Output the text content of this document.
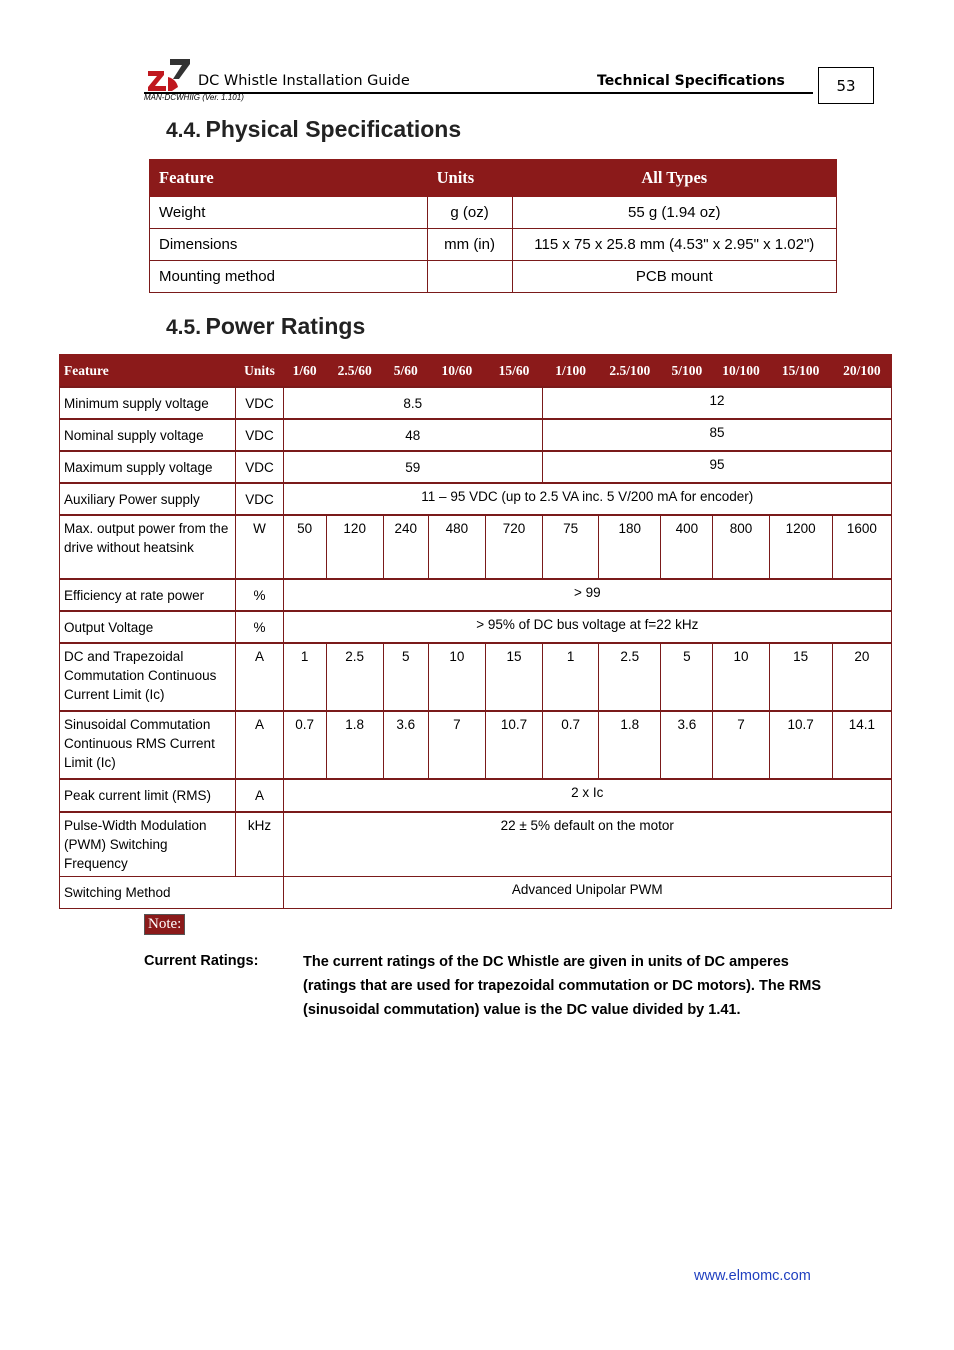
DC Whistle Installation Guide	Technical Specifications
MAN-DCWHIIG (Ver. 1.101)
53
4.4. Physical Specifications
Feature	Units	All Types
Weight	g (oz)	55 g (1.94 oz)
Dimensions	mm (in)	115 x 75 x 25.8 mm (4.53" x 2.95" x 1.02")
Mounting method		PCB mount
4.5. Power Ratings
Feature	Units	1/60	2.5/60	5/60	10/60	15/60	1/100	2.5/100	5/100	10/100	15/100	20/100
Minimum supply voltage	VDC	8.5					12					
Nominal supply voltage	VDC	48					85					
Maximum supply voltage	VDC	59					95					
Auxiliary Power supply	VDC	11 – 95 VDC (up to 2.5 VA inc. 5 V/200 mA for encoder)										
Max. output power from the drive without heatsink	W	50	120	240	480	720	75	180	400	800	1200	1600
Efficiency at rate power	%	> 99										
Output Voltage	%	> 95% of DC bus voltage at f=22 kHz										
DC and Trapezoidal Commutation Continuous Current Limit (Ic)	A	1	2.5	5	10	15	1	2.5	5	10	15	20
Sinusoidal Commutation Continuous RMS Current Limit (Ic)	A	0.7	1.8	3.6	7	10.7	0.7	1.8	3.6	7	10.7	14.1
Peak current limit (RMS)	A	2 x Ic										
Pulse-Width Modulation (PWM) Switching Frequency	kHz	22 ± 5% default on the motor										
Switching Method		Advanced Unipolar PWM										
Note:
Current Ratings:	The current ratings of the DC Whistle are given in units of DC amperes (ratings that are used for trapezoidal commutation or DC motors). The RMS (sinusoidal commutation) value is the DC value divided by 1.41.
www.elmomc.com
